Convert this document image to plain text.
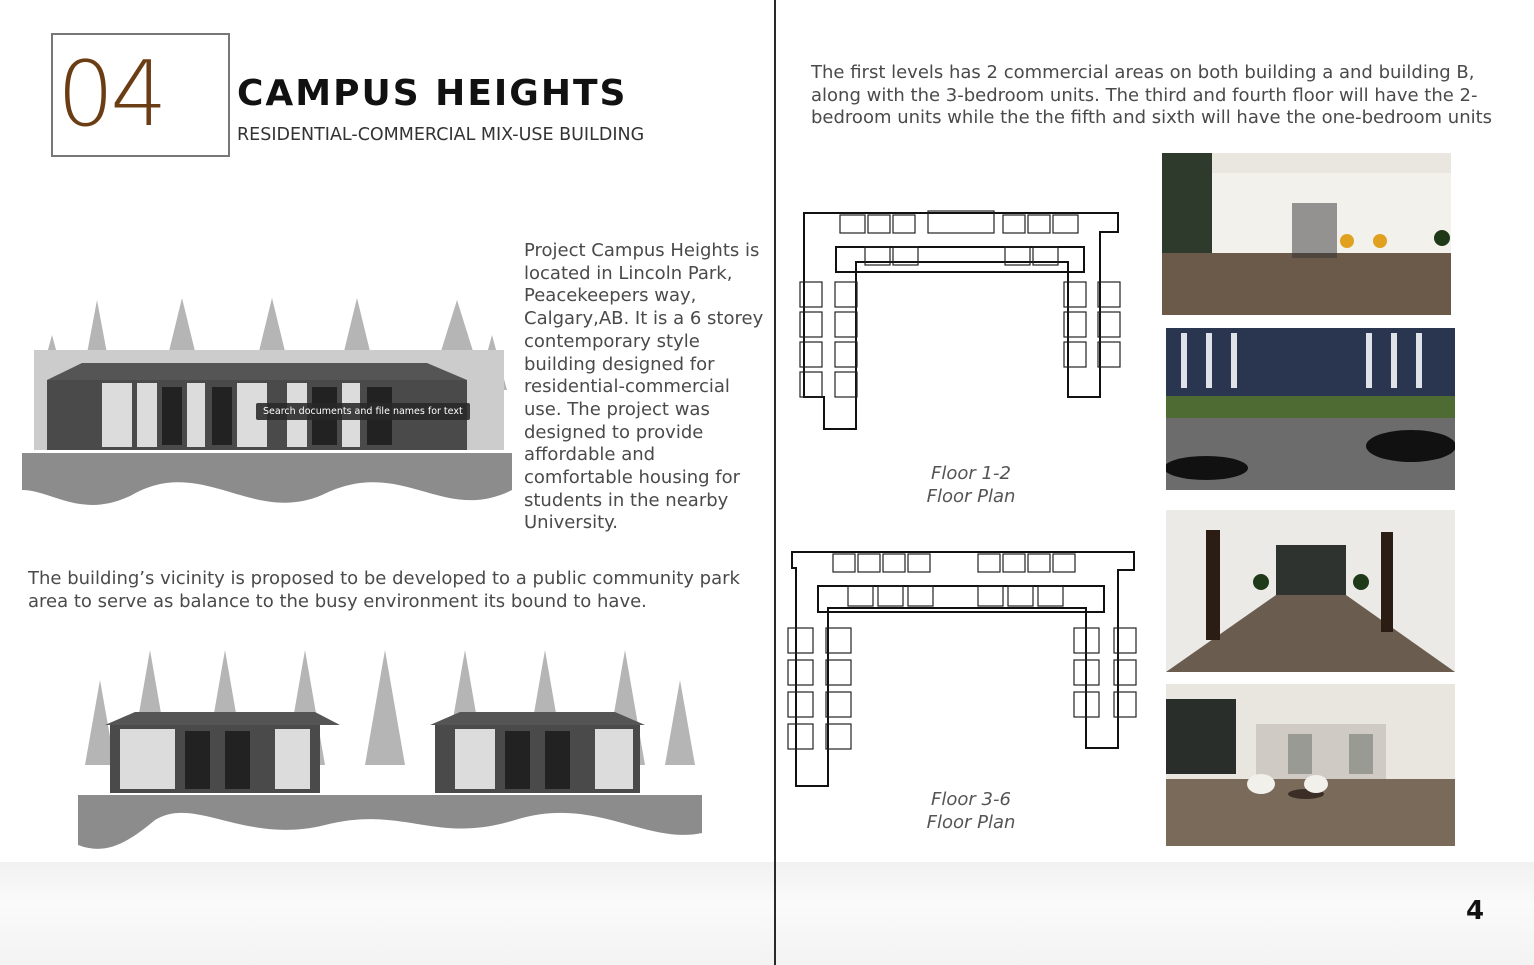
04 CAMPUS HEIGHTS
RESIDENTIAL-COMMERCIAL MIX-USE BUILDING
Search documents and file names for text
Project Campus Heights is located in Lincoln Park, Peacekeepers way, Calgary,AB. It is a 6 storey contemporary style building designed for residential-commercial use. The project was designed to provide affordable and comfortable housing for students in the nearby University.
The building’s vicinity is proposed to be developed to a public community park area to serve as balance to the busy environment its bound to have.
The first levels has 2 commercial areas on both building a and building B, along with the 3-bedroom units. The third and fourth floor will have the 2-bedroom units while the the fifth and sixth will have the one-bedroom units
Floor 1-2
Floor Plan
Floor 3-6
Floor Plan
4
